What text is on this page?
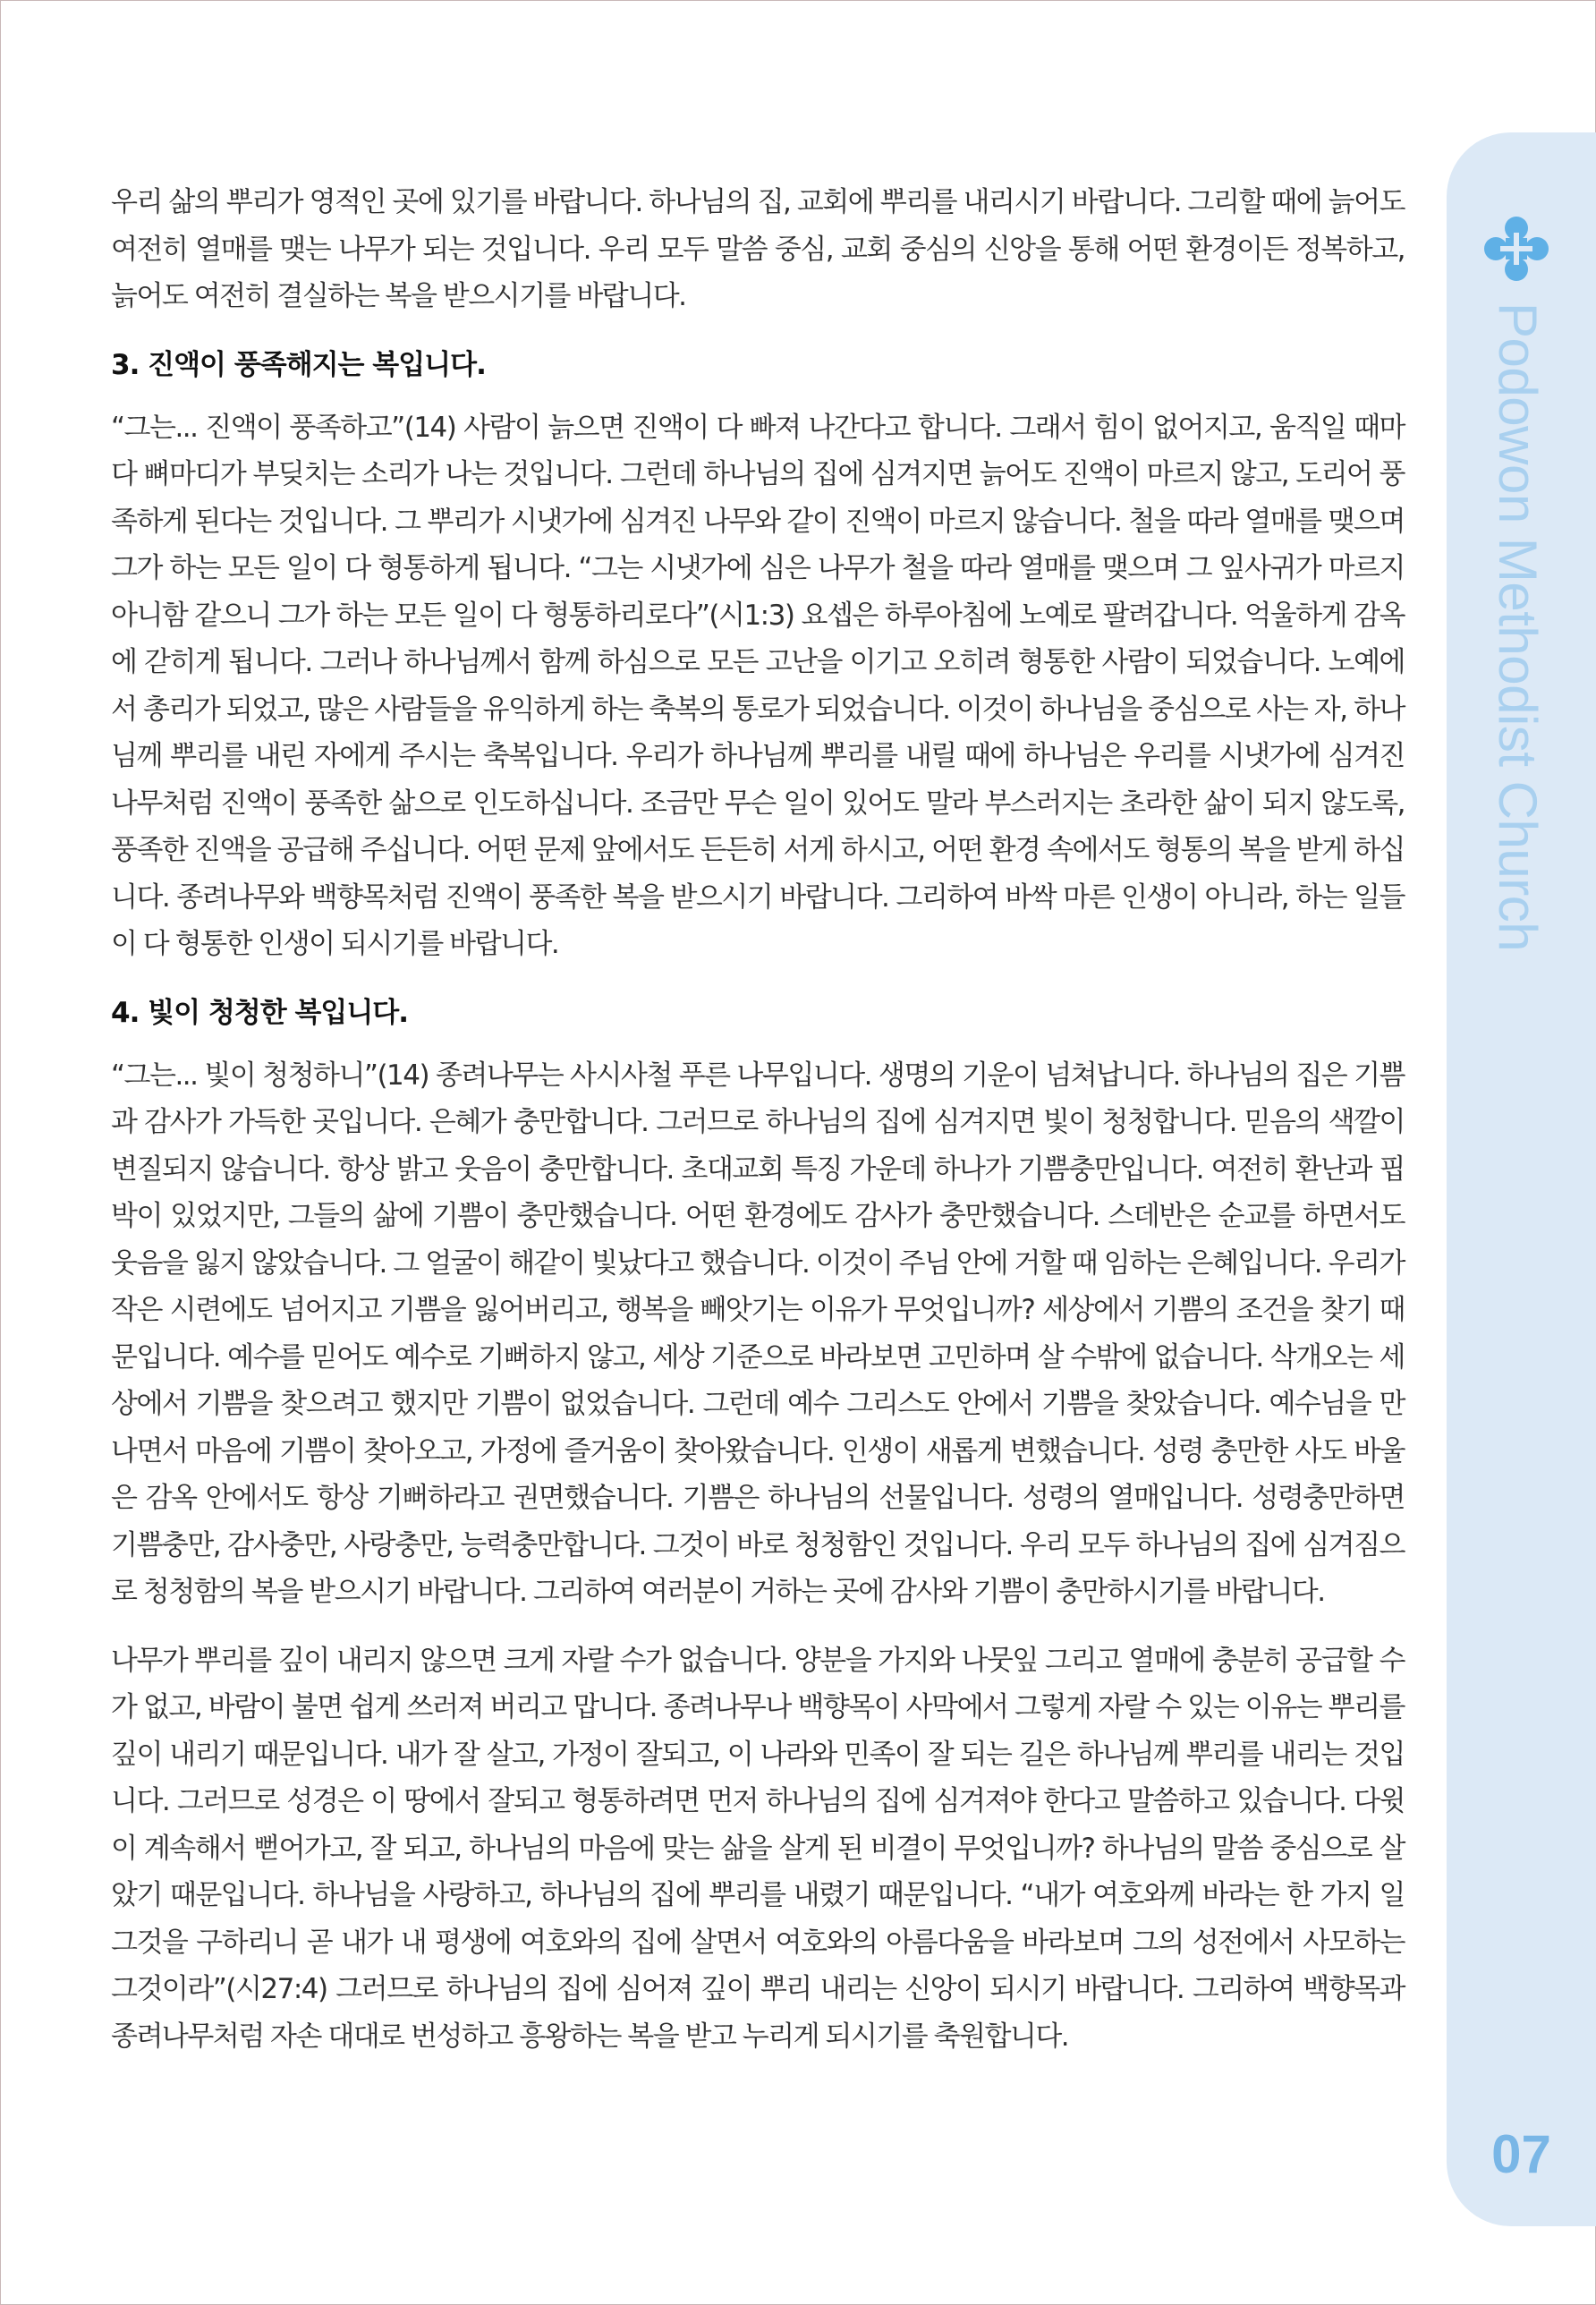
우리 삶의 뿌리가 영적인 곳에 있기를 바랍니다. 하나님의 집, 교회에 뿌리를 내리시기 바랍니다. 그리할 때에 늙어도 여전히 열매를 맺는 나무가 되는 것입니다. 우리 모두 말씀 중심, 교회 중심의 신앙을 통해 어떤 환경이든 정복하고, 늙어도 여전히 결실하는 복을 받으시기를 바랍니다.

3. 진액이 풍족해지는 복입니다.

“그는... 진액이 풍족하고”(14) 사람이 늙으면 진액이 다 빠져 나간다고 합니다. 그래서 힘이 없어지고, 움직일 때마다 뼈마디가 부딪치는 소리가 나는 것입니다. 그런데 하나님의 집에 심겨지면 늙어도 진액이 마르지 않고, 도리어 풍족하게 된다는 것입니다. 그 뿌리가 시냇가에 심겨진 나무와 같이 진액이 마르지 않습니다. 철을 따라 열매를 맺으며 그가 하는 모든 일이 다 형통하게 됩니다. “그는 시냇가에 심은 나무가 철을 따라 열매를 맺으며 그 잎사귀가 마르지 아니함 같으니 그가 하는 모든 일이 다 형통하리로다”(시1:3) 요셉은 하루아침에 노예로 팔려갑니다. 억울하게 감옥에 갇히게 됩니다. 그러나 하나님께서 함께 하심으로 모든 고난을 이기고 오히려 형통한 사람이 되었습니다. 노예에서 총리가 되었고, 많은 사람들을 유익하게 하는 축복의 통로가 되었습니다. 이것이 하나님을 중심으로 사는 자, 하나님께 뿌리를 내린 자에게 주시는 축복입니다. 우리가 하나님께 뿌리를 내릴 때에 하나님은 우리를 시냇가에 심겨진 나무처럼 진액이 풍족한 삶으로 인도하십니다. 조금만 무슨 일이 있어도 말라 부스러지는 초라한 삶이 되지 않도록, 풍족한 진액을 공급해 주십니다. 어떤 문제 앞에서도 든든히 서게 하시고, 어떤 환경 속에서도 형통의 복을 받게 하십니다. 종려나무와 백향목처럼 진액이 풍족한 복을 받으시기 바랍니다. 그리하여 바싹 마른 인생이 아니라, 하는 일들이 다 형통한 인생이 되시기를 바랍니다.

4. 빛이 청청한 복입니다.

“그는... 빛이 청청하니”(14) 종려나무는 사시사철 푸른 나무입니다. 생명의 기운이 넘쳐납니다. 하나님의 집은 기쁨과 감사가 가득한 곳입니다. 은혜가 충만합니다. 그러므로 하나님의 집에 심겨지면 빛이 청청합니다. 믿음의 색깔이 변질되지 않습니다. 항상 밝고 웃음이 충만합니다. 초대교회 특징 가운데 하나가 기쁨충만입니다. 여전히 환난과 핍박이 있었지만, 그들의 삶에 기쁨이 충만했습니다. 어떤 환경에도 감사가 충만했습니다. 스데반은 순교를 하면서도 웃음을 잃지 않았습니다. 그 얼굴이 해같이 빛났다고 했습니다. 이것이 주님 안에 거할 때 임하는 은혜입니다. 우리가 작은 시련에도 넘어지고 기쁨을 잃어버리고, 행복을 빼앗기는 이유가 무엇입니까? 세상에서 기쁨의 조건을 찾기 때문입니다. 예수를 믿어도 예수로 기뻐하지 않고, 세상 기준으로 바라보면 고민하며 살 수밖에 없습니다. 삭개오는 세상에서 기쁨을 찾으려고 했지만 기쁨이 없었습니다. 그런데 예수 그리스도 안에서 기쁨을 찾았습니다. 예수님을 만나면서 마음에 기쁨이 찾아오고, 가정에 즐거움이 찾아왔습니다. 인생이 새롭게 변했습니다. 성령 충만한 사도 바울은 감옥 안에서도 항상 기뻐하라고 권면했습니다. 기쁨은 하나님의 선물입니다. 성령의 열매입니다. 성령충만하면 기쁨충만, 감사충만, 사랑충만, 능력충만합니다. 그것이 바로 청청함인 것입니다. 우리 모두 하나님의 집에 심겨짐으로 청청함의 복을 받으시기 바랍니다. 그리하여 여러분이 거하는 곳에 감사와 기쁨이 충만하시기를 바랍니다.

나무가 뿌리를 깊이 내리지 않으면 크게 자랄 수가 없습니다. 양분을 가지와 나뭇잎 그리고 열매에 충분히 공급할 수가 없고, 바람이 불면 쉽게 쓰러져 버리고 맙니다. 종려나무나 백향목이 사막에서 그렇게 자랄 수 있는 이유는 뿌리를 깊이 내리기 때문입니다. 내가 잘 살고, 가정이 잘되고, 이 나라와 민족이 잘 되는 길은 하나님께 뿌리를 내리는 것입니다. 그러므로 성경은 이 땅에서 잘되고 형통하려면 먼저 하나님의 집에 심겨져야 한다고 말씀하고 있습니다. 다윗이 계속해서 뻗어가고, 잘 되고, 하나님의 마음에 맞는 삶을 살게 된 비결이 무엇입니까? 하나님의 말씀 중심으로 살았기 때문입니다. 하나님을 사랑하고, 하나님의 집에 뿌리를 내렸기 때문입니다. “내가 여호와께 바라는 한 가지 일 그것을 구하리니 곧 내가 내 평생에 여호와의 집에 살면서 여호와의 아름다움을 바라보며 그의 성전에서 사모하는 그것이라”(시27:4) 그러므로 하나님의 집에 심어져 깊이 뿌리 내리는 신앙이 되시기 바랍니다. 그리하여 백향목과 종려나무처럼 자손 대대로 번성하고 흥왕하는 복을 받고 누리게 되시기를 축원합니다.

Podowon Methodist Church
07
